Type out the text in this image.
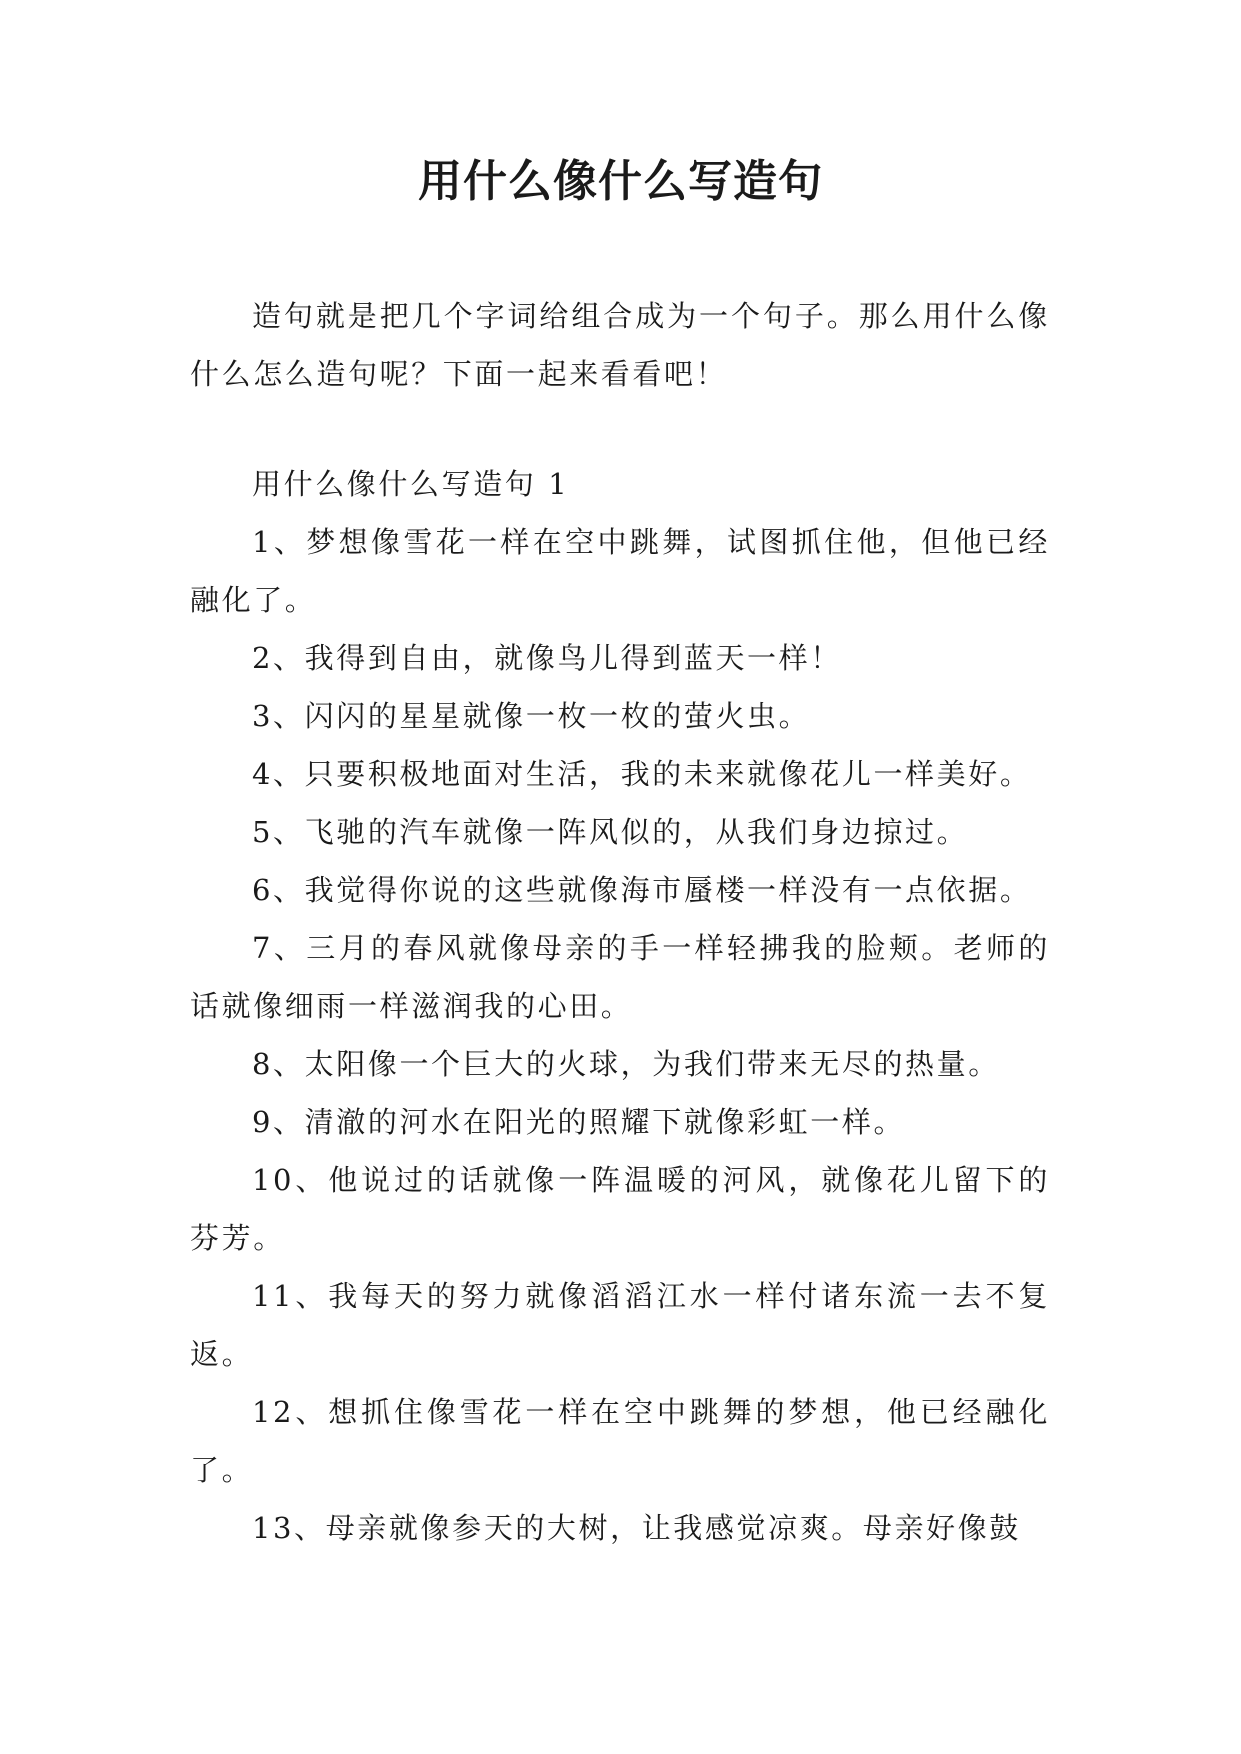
用什么像什么写造句

造句就是把几个字词给组合成为一个句子。那么用什么像什么怎么造句呢？下面一起来看看吧！

用什么像什么写造句 1

1、梦想像雪花一样在空中跳舞，试图抓住他，但他已经融化了。

2、我得到自由，就像鸟儿得到蓝天一样！

3、闪闪的星星就像一枚一枚的萤火虫。

4、只要积极地面对生活，我的未来就像花儿一样美好。

5、飞驰的汽车就像一阵风似的，从我们身边掠过。

6、我觉得你说的这些就像海市蜃楼一样没有一点依据。

7、三月的春风就像母亲的手一样轻拂我的脸颊。老师的话就像细雨一样滋润我的心田。

8、太阳像一个巨大的火球，为我们带来无尽的热量。

9、清澈的河水在阳光的照耀下就像彩虹一样。

10、他说过的话就像一阵温暖的河风，就像花儿留下的芬芳。

11、我每天的努力就像滔滔江水一样付诸东流一去不复返。

12、想抓住像雪花一样在空中跳舞的梦想，他已经融化了。

13、母亲就像参天的大树，让我感觉凉爽。母亲好像鼓
